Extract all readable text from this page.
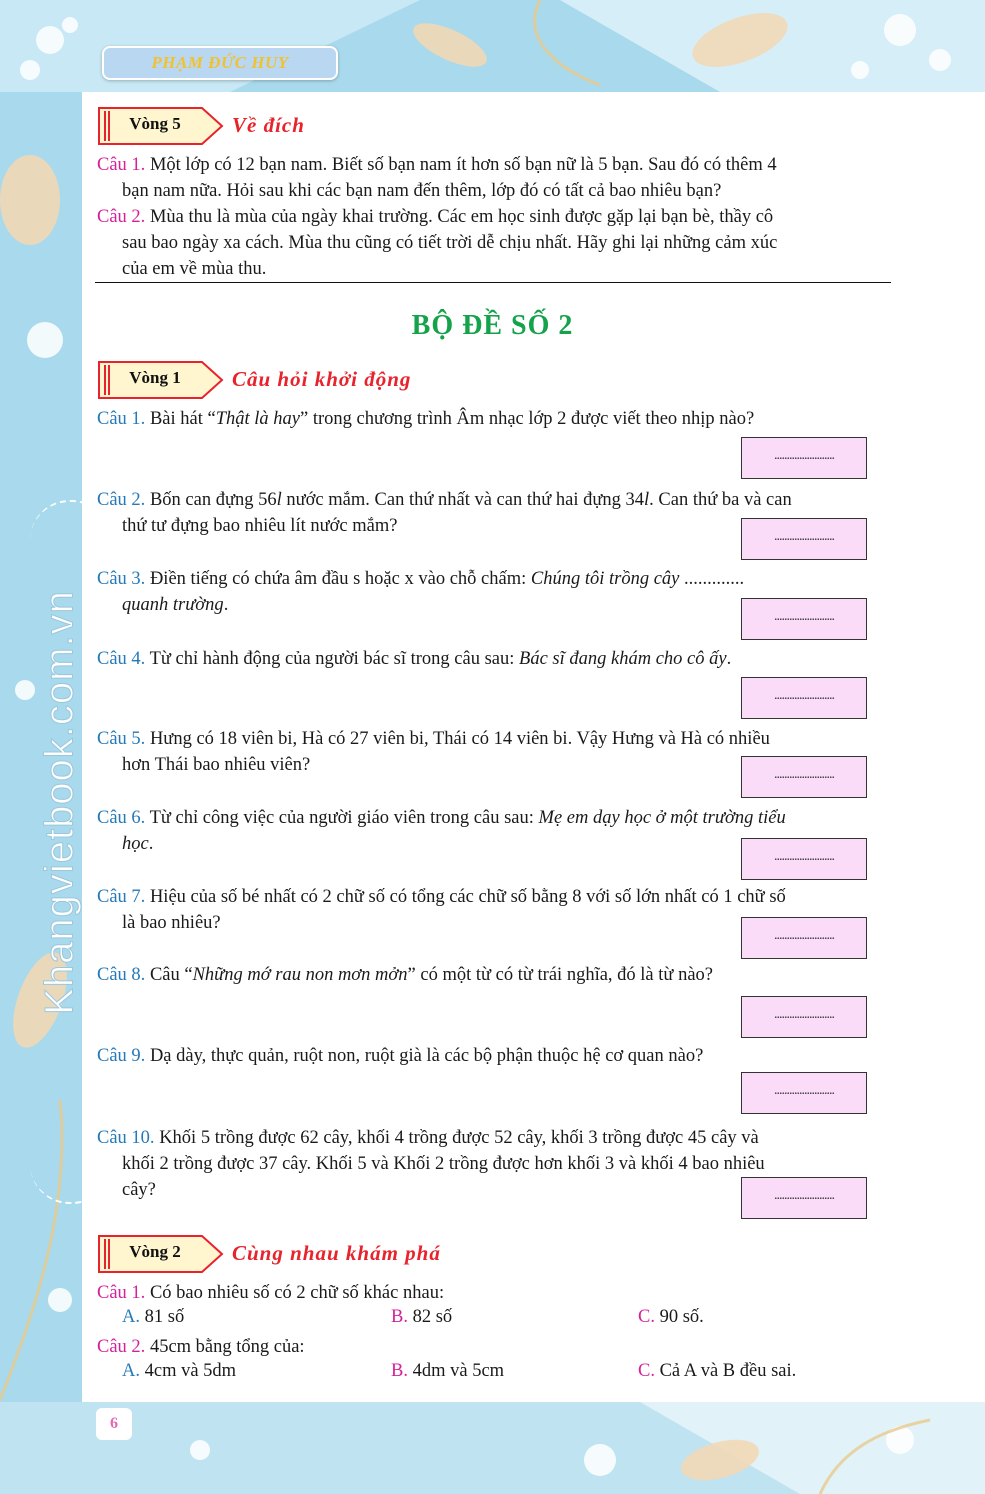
Khangvietbook.com.vn
PHẠM ĐỨC HUY
Vòng 5 Về đích
Câu 1. Một lớp có 12 bạn nam. Biết số bạn nam ít hơn số bạn nữ là 5 bạn. Sau đó có thêm 4
bạn nam nữa. Hỏi sau khi các bạn nam đến thêm, lớp đó có tất cả bao nhiêu bạn?
Câu 2. Mùa thu là mùa của ngày khai trường. Các em học sinh được gặp lại bạn bè, thầy cô
sau bao ngày xa cách. Mùa thu cũng có tiết trời dễ chịu nhất. Hãy ghi lại những cảm xúc
của em về mùa thu.
BỘ ĐỀ SỐ 2
Vòng 1 Câu hỏi khởi động
Câu 1. Bài hát “Thật là hay” trong chương trình Âm nhạc lớp 2 được viết theo nhịp nào?
........................
Câu 2. Bốn can đựng 56l nước mắm. Can thứ nhất và can thứ hai đựng 34l. Can thứ ba và can
thứ tư đựng bao nhiêu lít nước mắm?
........................
Câu 3. Điền tiếng có chứa âm đầu s hoặc x vào chỗ chấm: Chúng tôi trồng cây .............
quanh trường.
........................
Câu 4. Từ chỉ hành động của người bác sĩ trong câu sau: Bác sĩ đang khám cho cô ấy.
........................
Câu 5. Hưng có 18 viên bi, Hà có 27 viên bi, Thái có 14 viên bi. Vậy Hưng và Hà có nhiều
hơn Thái bao nhiêu viên?	........................
Câu 6. Từ chỉ công việc của người giáo viên trong câu sau: Mẹ em dạy học ở một trường tiểu
học.
........................
Câu 7. Hiệu của số bé nhất có 2 chữ số có tổng các chữ số bằng 8 với số lớn nhất có 1 chữ số
là bao nhiêu?
........................
Câu 8. Câu “Những mớ rau non mơn mởn” có một từ có từ trái nghĩa, đó là từ nào?
........................
Câu 9. Dạ dày, thực quản, ruột non, ruột già là các bộ phận thuộc hệ cơ quan nào?
........................
Câu 10. Khối 5 trồng được 62 cây, khối 4 trồng được 52 cây, khối 3 trồng được 45 cây và
khối 2 trồng được 37 cây. Khối 5 và Khối 2 trồng được hơn khối 3 và khối 4 bao nhiêu
cây?	........................
Vòng 2 Cùng nhau khám phá
Câu 1. Có bao nhiêu số có 2 chữ số khác nhau:
A. 81 số	B. 82 số	C. 90 số.
Câu 2. 45cm bằng tổng của:
A. 4cm và 5dm	B. 4dm và 5cm	C. Cả A và B đều sai.
6
